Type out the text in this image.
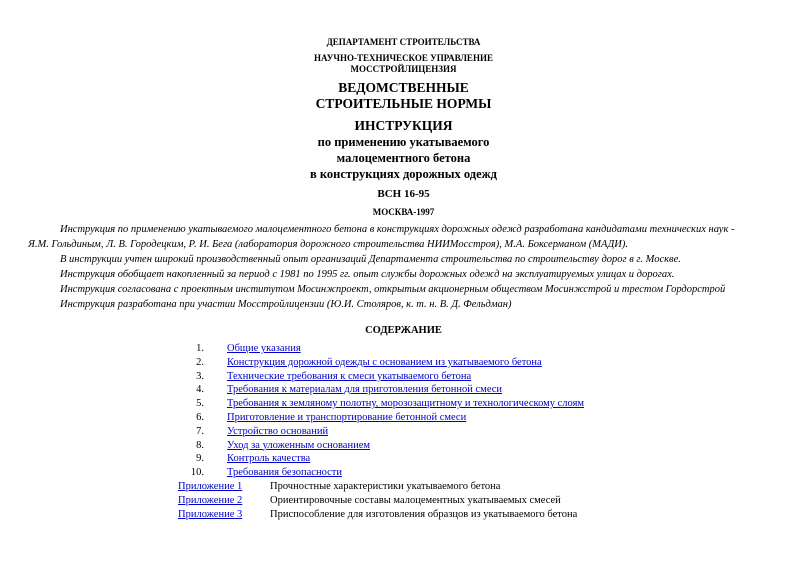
ДЕПАРТАМЕНТ СТРОИТЕЛЬСТВА
НАУЧНО-ТЕХНИЧЕСКОЕ УПРАВЛЕНИЕ
МОССТРОЙЛИЦЕНЗИЯ
ВЕДОМСТВЕННЫЕ
СТРОИТЕЛЬНЫЕ НОРМЫ
ИНСТРУКЦИЯ
по применению укатываемого
малоцементного бетона
в конструкциях дорожных одежд
ВСН 16-95
МОСКВА-1997

Инструкция по применению укатываемого малоцементного бетона в конструкциях дорожных одежд разработана кандидатами технических наук -

Я.М. Гольдиным, Л. В. Городецким, Р. И. Бега (лаборатория дорожного строительства НИИМосстроя), М.А. Боксерманом (МАДИ).

В инструкции учтен широкий производственный опыт организаций Департамента строительства по строительству дорог в г. Москве.

Инструкция обобщает накопленный за период с 1981 по 1995 гг. опыт службы дорожных одежд на эксплуатируемых улицах и дорогах.

Инструкция согласована с проектным институтом Мосинжпроект, открытым акционерным обществом Мосинжстрой и трестом Гордорстрой

Инструкция разработана при участии Мосстройлицензии (Ю.И. Столяров, к. т. н. В. Д. Фельдман)

СОДЕРЖАНИЕ
1. Общие указания
2. Конструкция дорожной одежды с основанием из укатываемого бетона
3. Технические требования к смеси укатываемого бетона
4. Требования к материалам для приготовления бетонной смеси
5. Требования к земляному полотну, морозозащитному и технологическому слоям
6. Приготовление и транспортирование бетонной смеси
7. Устройство оснований
8. Уход за уложенным основанием
9. Контроль качества
10. Требования безопасности
Приложение 1	Прочностные характеристики укатываемого бетона
Приложение 2	Ориентировочные составы малоцементных укатываемых смесей
Приложение 3	Приспособление для изготовления образцов из укатываемого бетона
